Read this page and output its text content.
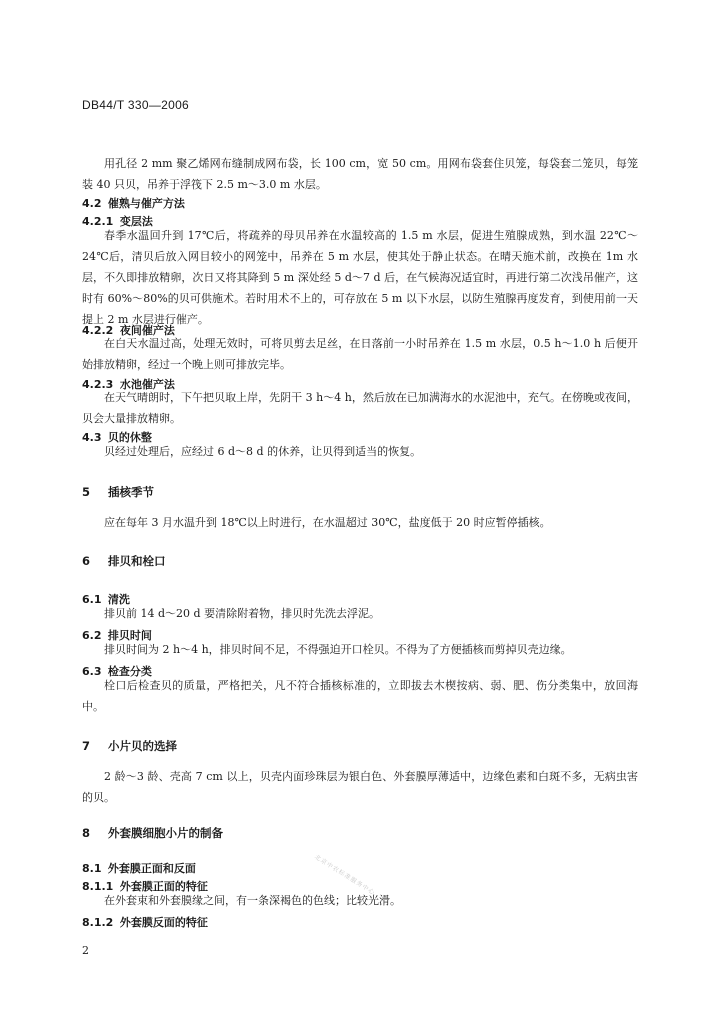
DB44/T 330—2006
用孔径 2 mm 聚乙烯网布缝制成网布袋，长 100 cm，宽 50 cm。用网布袋套住贝笼，每袋套二笼贝，每笼装 40 只贝，吊养于浮筏下 2.5 m～3.0 m 水层。
4.2 催熟与催产方法
4.2.1 变层法
春季水温回升到 17℃后，将疏养的母贝吊养在水温较高的 1.5 m 水层，促进生殖腺成熟，到水温 22℃～24℃后，清贝后放入网目较小的网笼中，吊养在 5 m 水层，使其处于静止状态。在晴天施术前，改换在 1m 水层，不久即排放精卵，次日又将其降到 5 m 深处经 5 d～7 d 后，在气候海况适宜时，再进行第二次浅吊催产，这时有 60%～80%的贝可供施术。若时用术不上的，可存放在 5 m 以下水层，以防生殖腺再度发育，到使用前一天提上 2 m 水层进行催产。
4.2.2 夜间催产法
在白天水温过高，处理无效时，可将贝剪去足丝，在日落前一小时吊养在 1.5 m 水层，0.5 h～1.0 h 后便开始排放精卵，经过一个晚上则可排放完毕。
4.2.3 水池催产法
在天气晴朗时，下午把贝取上岸，先阴干 3 h～4 h，然后放在已加满海水的水泥池中，充气。在傍晚或夜间，贝会大量排放精卵。
4.3 贝的休整
贝经过处理后，应经过 6 d～8 d 的休养，让贝得到适当的恢复。
5 插核季节
应在每年 3 月水温升到 18℃以上时进行，在水温超过 30℃，盐度低于 20 时应暂停插核。
6 排贝和栓口
6.1 清洗
排贝前 14 d～20 d 要清除附着物，排贝时先洗去浮泥。
6.2 排贝时间
排贝时间为 2 h～4 h，排贝时间不足，不得强迫开口栓贝。不得为了方便插核而剪掉贝壳边缘。
6.3 检查分类
栓口后检查贝的质量，严格把关，凡不符合插核标准的，立即拔去木楔按病、弱、肥、伤分类集中，放回海中。
7 小片贝的选择
2 龄～3 龄、壳高 7 cm 以上，贝壳内面珍珠层为银白色、外套膜厚薄适中，边缘色素和白斑不多，无病虫害的贝。
8 外套膜细胞小片的制备
8.1 外套膜正面和反面
8.1.1 外套膜正面的特征
在外套束和外套膜缘之间，有一条深褐色的色线；比较光滑。
8.1.2 外套膜反面的特征
北京中农标准服务中心
2
